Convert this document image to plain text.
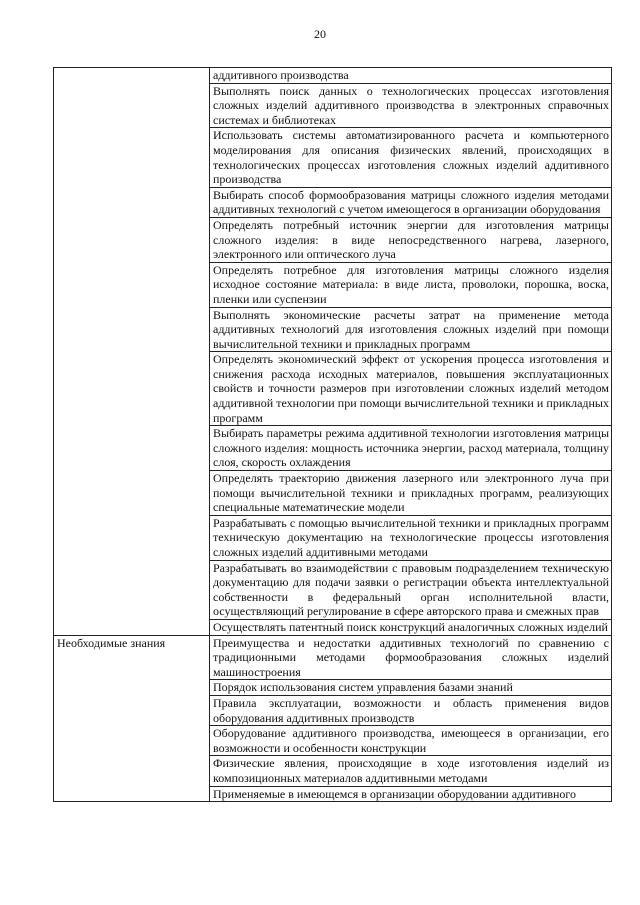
20
	аддитивного производства
	Выполнять поиск данных о технологических процессах изготовления сложных изделий аддитивного производства в электронных справочных системах и библиотеках
	Использовать системы автоматизированного расчета и компьютерного моделирования для описания физических явлений, происходящих в технологических процессах изготовления сложных изделий аддитивного производства
	Выбирать способ формообразования матрицы сложного изделия методами аддитивных технологий с учетом имеющегося в организации оборудования
	Определять потребный источник энергии для изготовления матрицы сложного изделия: в виде непосредственного нагрева, лазерного, электронного или оптического луча
	Определять потребное для изготовления матрицы сложного изделия исходное состояние материала: в виде листа, проволоки, порошка, воска, пленки или суспензии
	Выполнять экономические расчеты затрат на применение метода аддитивных технологий для изготовления сложных изделий при помощи вычислительной техники и прикладных программ
	Определять экономический эффект от ускорения процесса изготовления и снижения расхода исходных материалов, повышения эксплуатационных свойств и точности размеров при изготовлении сложных изделий методом аддитивной технологии при помощи вычислительной техники и прикладных программ
	Выбирать параметры режима аддитивной технологии изготовления матрицы сложного изделия: мощность источника энергии, расход материала, толщину слоя, скорость охлаждения
	Определять траекторию движения лазерного или электронного луча при помощи вычислительной техники и прикладных программ, реализующих специальные математические модели
	Разрабатывать с помощью вычислительной техники и прикладных программ техническую документацию на технологические процессы изготовления сложных изделий аддитивными методами
	Разрабатывать во взаимодействии с правовым подразделением техническую документацию для подачи заявки о регистрации объекта интеллектуальной собственности в федеральный орган исполнительной власти, осуществляющий регулирование в сфере авторского права и смежных прав
	Осуществлять патентный поиск конструкций аналогичных сложных изделий
Необходимые знания	Преимущества и недостатки аддитивных технологий по сравнению с традиционными методами формообразования сложных изделий машиностроения
	Порядок использования систем управления базами знаний
	Правила эксплуатации, возможности и область применения видов оборудования аддитивных производств
	Оборудование аддитивного производства, имеющееся в организации, его возможности и особенности конструкции
	Физические явления, происходящие в ходе изготовления изделий из композиционных материалов аддитивными методами
	Применяемые в имеющемся в организации оборудовании аддитивного
